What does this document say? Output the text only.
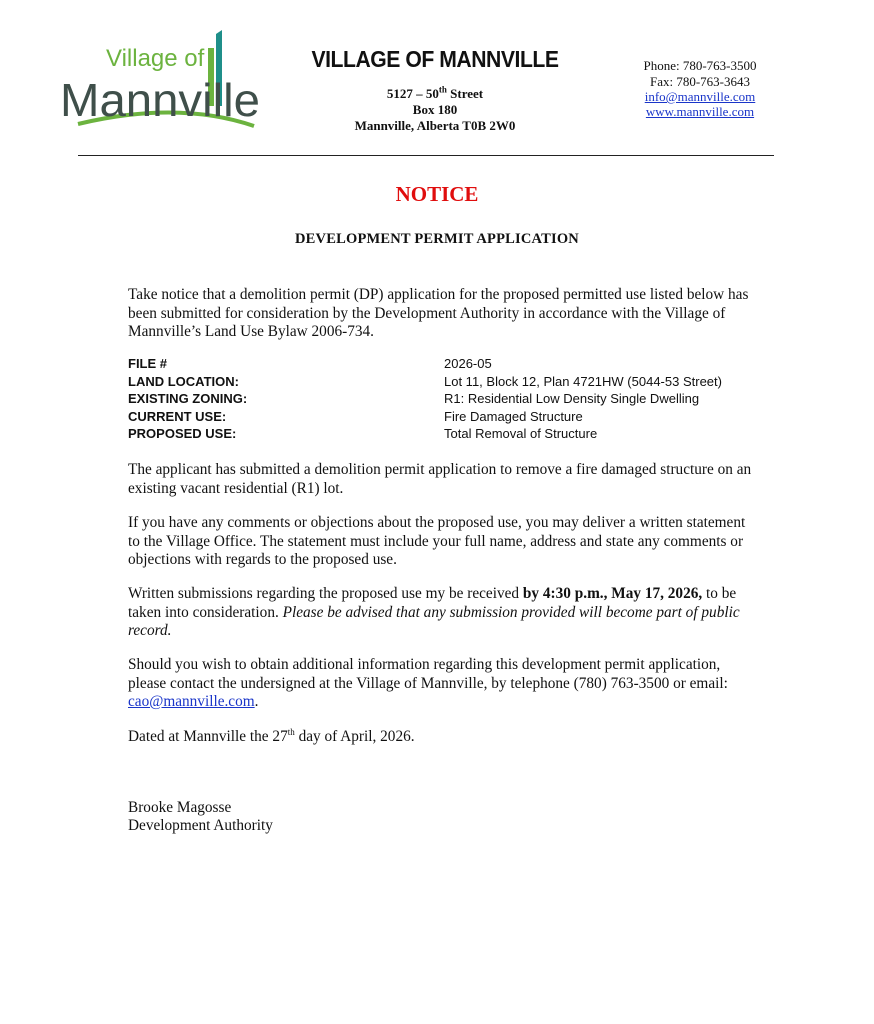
Village of
Mannville
VILLAGE OF MANNVILLE
5127 – 50th Street
Box 180
Mannville, Alberta T0B 2W0
Phone: 780-763-3500
Fax: 780-763-3643
info@mannville.com
www.mannville.com
NOTICE
DEVELOPMENT PERMIT APPLICATION
Take notice that a demolition permit (DP) application for the proposed permitted use listed below has been submitted for consideration by the Development Authority in accordance with the Village of Mannville’s Land Use Bylaw 2006-734.
FILE #	2026-05
LAND LOCATION:	Lot 11, Block 12, Plan 4721HW (5044-53 Street)
EXISTING ZONING:	R1: Residential Low Density Single Dwelling
CURRENT USE:	Fire Damaged Structure
PROPOSED USE:	Total Removal of Structure
The applicant has submitted a demolition permit application to remove a fire damaged structure on an existing vacant residential (R1) lot.
If you have any comments or objections about the proposed use, you may deliver a written statement to the Village Office. The statement must include your full name, address and state any comments or objections with regards to the proposed use.
Written submissions regarding the proposed use my be received by 4:30 p.m., May 17, 2026, to be taken into consideration. Please be advised that any submission provided will become part of public record.
Should you wish to obtain additional information regarding this development permit application, please contact the undersigned at the Village of Mannville, by telephone (780) 763-3500 or email: cao@mannville.com.
Dated at Mannville the 27th day of April, 2026.
Brooke Magosse
Development Authority
